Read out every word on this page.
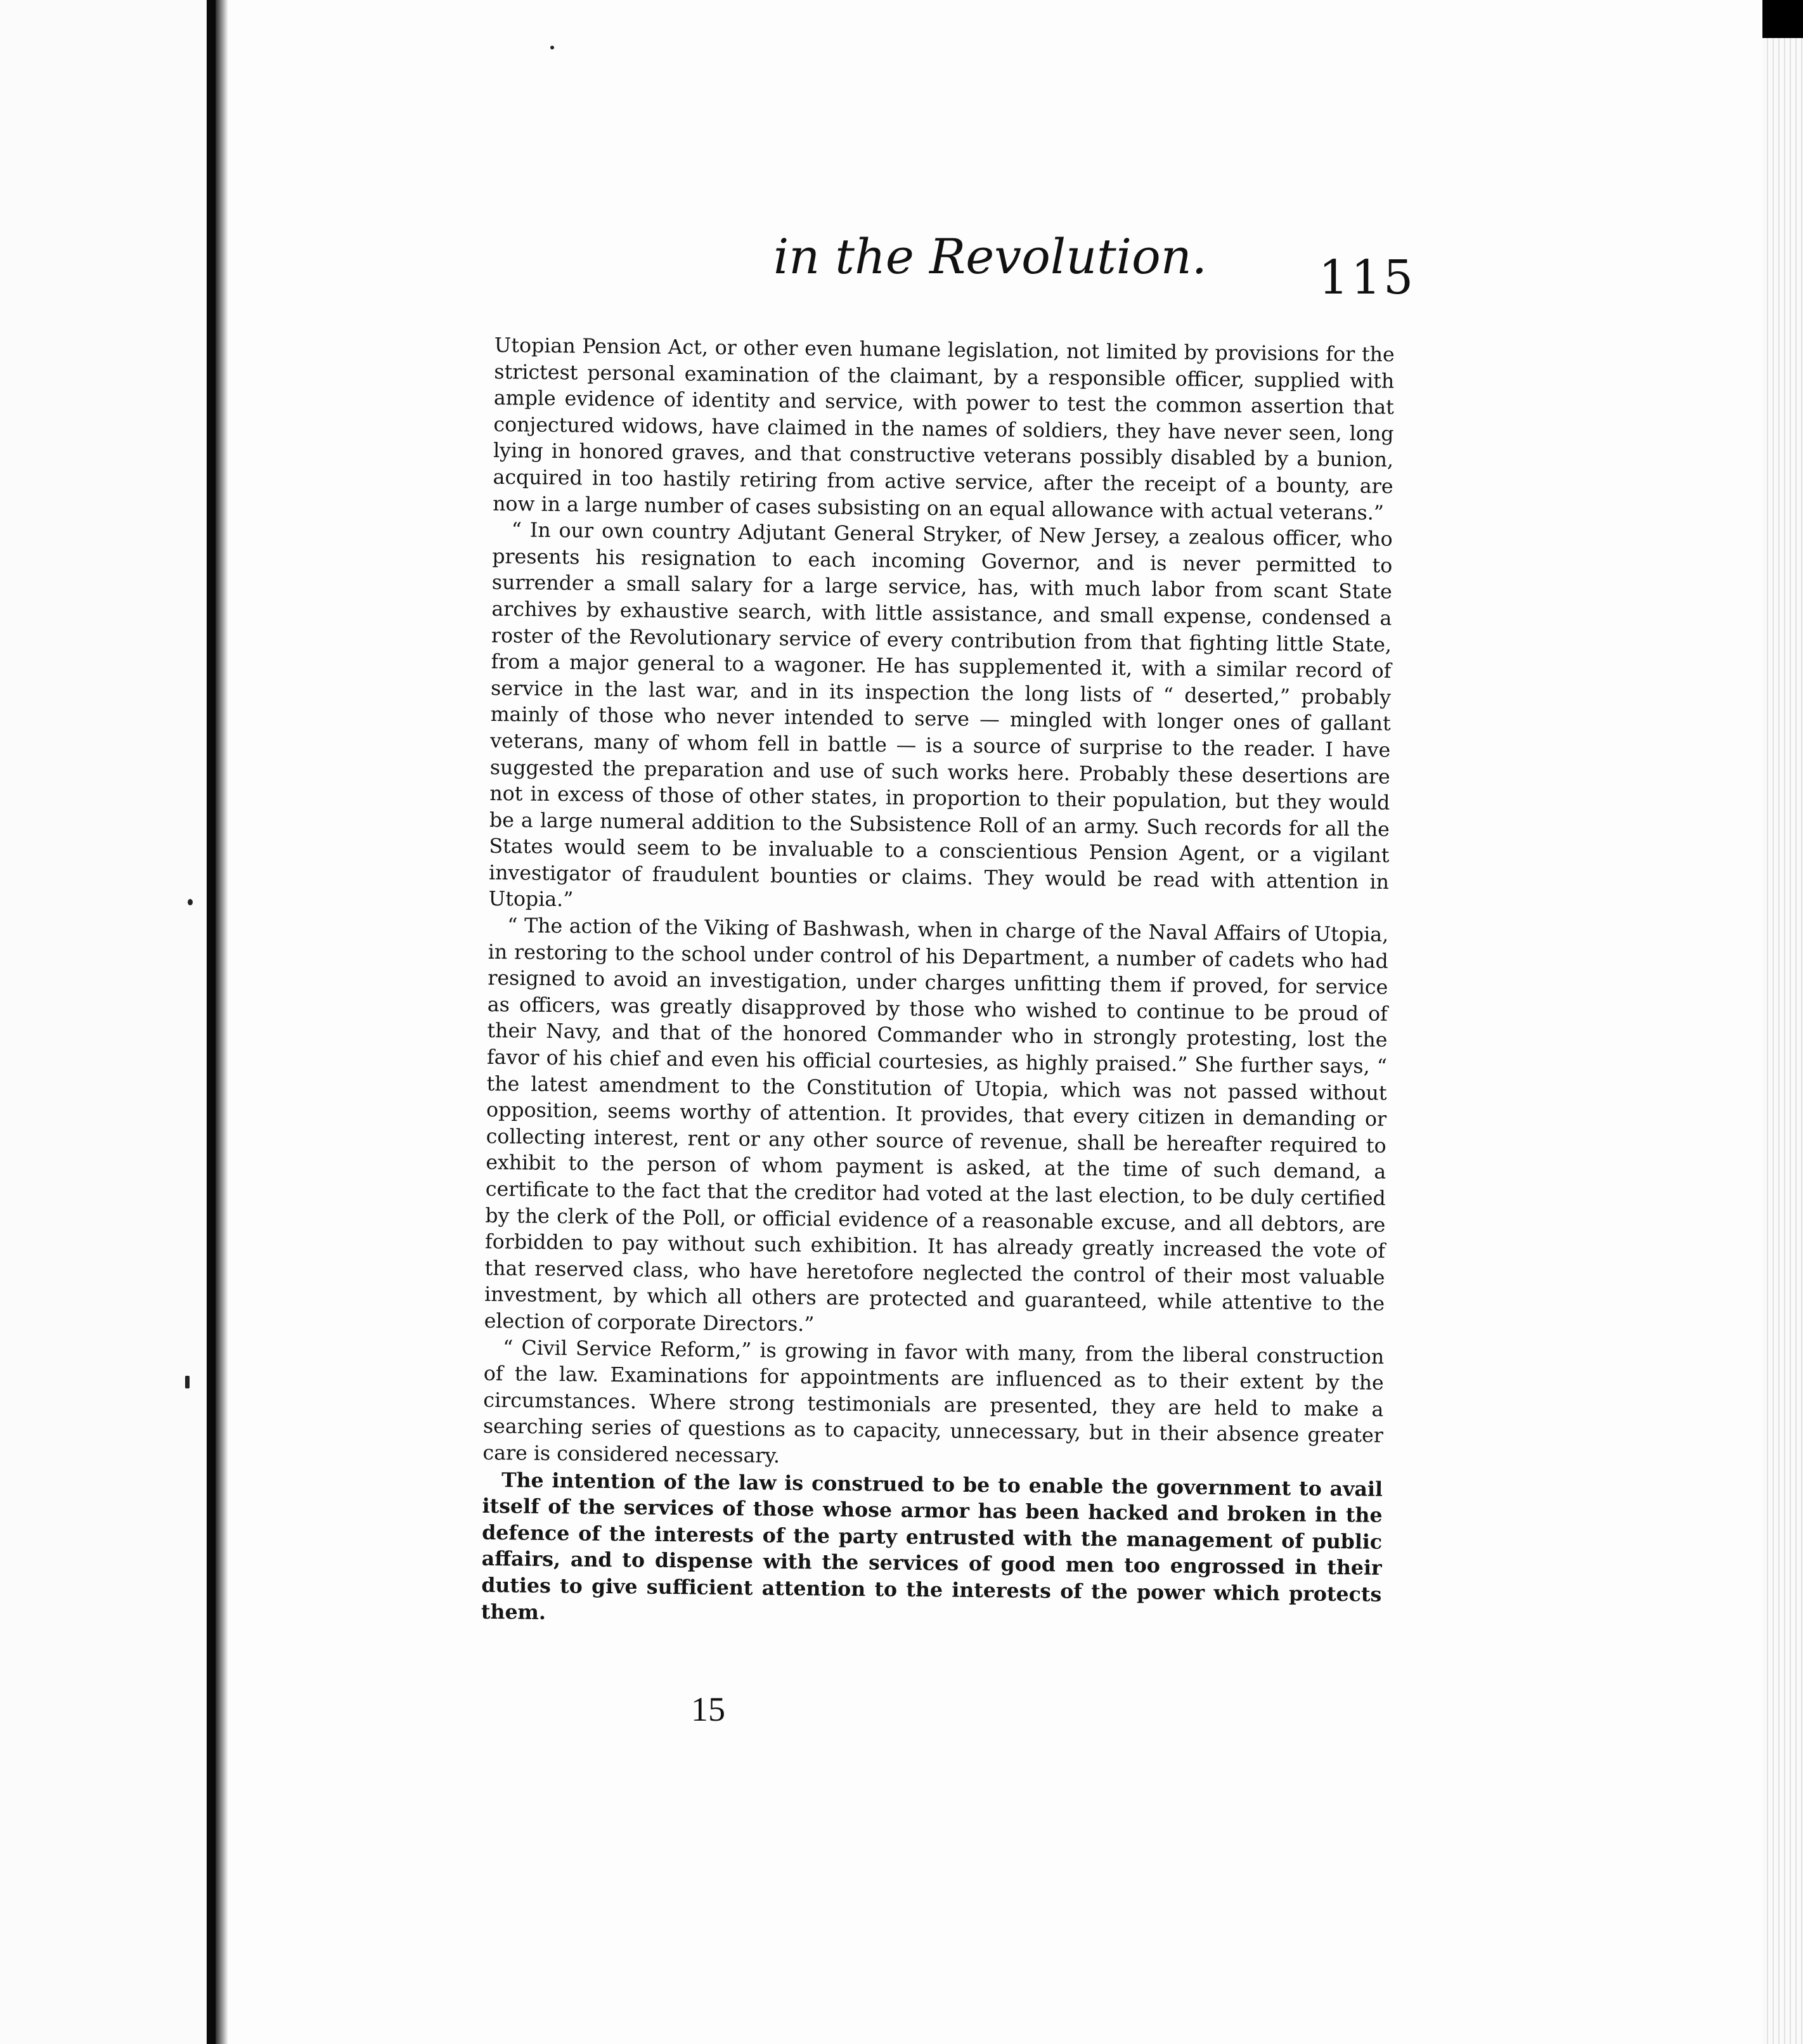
in the Revolution.	115

Utopian Pension Act, or other even humane legislation, not limited by provisions for the strictest personal examination of the claimant, by a responsible officer, supplied with ample evidence of identity and service, with power to test the common assertion that conjectured widows, have claimed in the names of soldiers, they have never seen, long lying in honored graves, and that constructive veterans possibly disabled by a bunion, acquired in too hastily retiring from active service, after the receipt of a bounty, are now in a large number of cases subsisting on an equal allowance with actual veterans.”

“ In our own country Adjutant General Stryker, of New Jersey, a zealous officer, who presents his resignation to each incoming Governor, and is never permitted to surrender a small salary for a large service, has, with much labor from scant State archives by exhaustive search, with little assistance, and small expense, condensed a roster of the Revolutionary service of every contribution from that fighting little State, from a major general to a wagoner. He has supplemented it, with a similar record of service in the last war, and in its inspection the long lists of “ deserted,” probably mainly of those who never intended to serve — mingled with longer ones of gallant veterans, many of whom fell in battle — is a source of surprise to the reader. I have suggested the preparation and use of such works here. Probably these desertions are not in excess of those of other states, in proportion to their population, but they would be a large numeral addition to the Subsistence Roll of an army. Such records for all the States would seem to be invaluable to a conscientious Pension Agent, or a vigilant investigator of fraudulent bounties or claims. They would be read with attention in Utopia.”

“ The action of the Viking of Bashwash, when in charge of the Naval Affairs of Utopia, in restoring to the school under control of his Department, a number of cadets who had resigned to avoid an investigation, under charges unfitting them if proved, for service as officers, was greatly disapproved by those who wished to continue to be proud of their Navy, and that of the honored Commander who in strongly protesting, lost the favor of his chief and even his official courtesies, as highly praised.” She further says, “ the latest amendment to the Constitution of Utopia, which was not passed without opposition, seems worthy of attention. It provides, that every citizen in demanding or collecting interest, rent or any other source of revenue, shall be hereafter required to exhibit to the person of whom payment is asked, at the time of such demand, a certificate to the fact that the creditor had voted at the last election, to be duly certified by the clerk of the Poll, or official evidence of a reasonable excuse, and all debtors, are forbidden to pay without such exhibition. It has already greatly increased the vote of that reserved class, who have heretofore neglected the control of their most valuable investment, by which all others are protected and guaranteed, while attentive to the election of corporate Directors.”

“ Civil Service Reform,” is growing in favor with many, from the liberal construction of the law. Examinations for appointments are influenced as to their extent by the circumstances. Where strong testimonials are presented, they are held to make a searching series of questions as to capacity, unnecessary, but in their absence greater care is considered necessary.

The intention of the law is construed to be to enable the government to avail itself of the services of those whose armor has been hacked and broken in the defence of the interests of the party entrusted with the management of public affairs, and to dispense with the services of good men too engrossed in their duties to give sufficient attention to the interests of the power which protects them.

15
